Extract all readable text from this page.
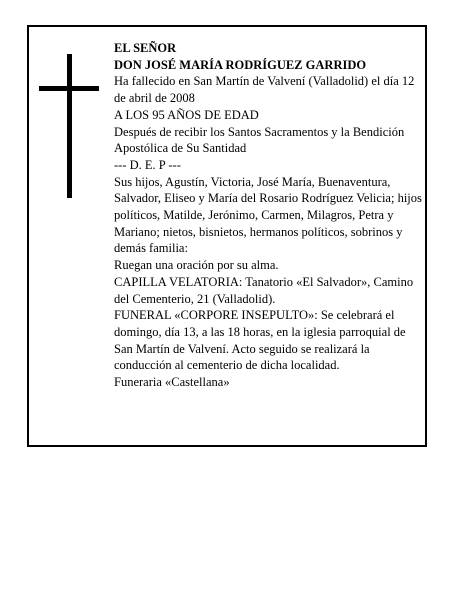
EL SEÑOR

DON JOSÉ MARÍA RODRÍGUEZ GARRIDO

Ha fallecido en San Martín de Valvení (Valladolid) el día 12 de abril de 2008

A LOS 95 AÑOS DE EDAD

Después de recibir los Santos Sacramentos y la Bendición Apostólica de Su Santidad

--- D. E. P ---

Sus hijos, Agustín, Victoria, José María, Buenaventura, Salvador, Eliseo y María del Rosario Rodríguez Velicia; hijos políticos, Matilde, Jerónimo, Carmen, Milagros, Petra y Mariano; nietos, bisnietos, hermanos políticos, sobrinos y demás familia:

Ruegan una oración por su alma.

CAPILLA VELATORIA: Tanatorio «El Salvador», Camino del Cementerio, 21 (Valladolid).

FUNERAL «CORPORE INSEPULTO»: Se celebrará el domingo, día 13, a las 18 horas, en la iglesia parroquial de San Martín de Valvení. Acto seguido se realizará la conducción al cementerio de dicha localidad.

Funeraria «Castellana»
